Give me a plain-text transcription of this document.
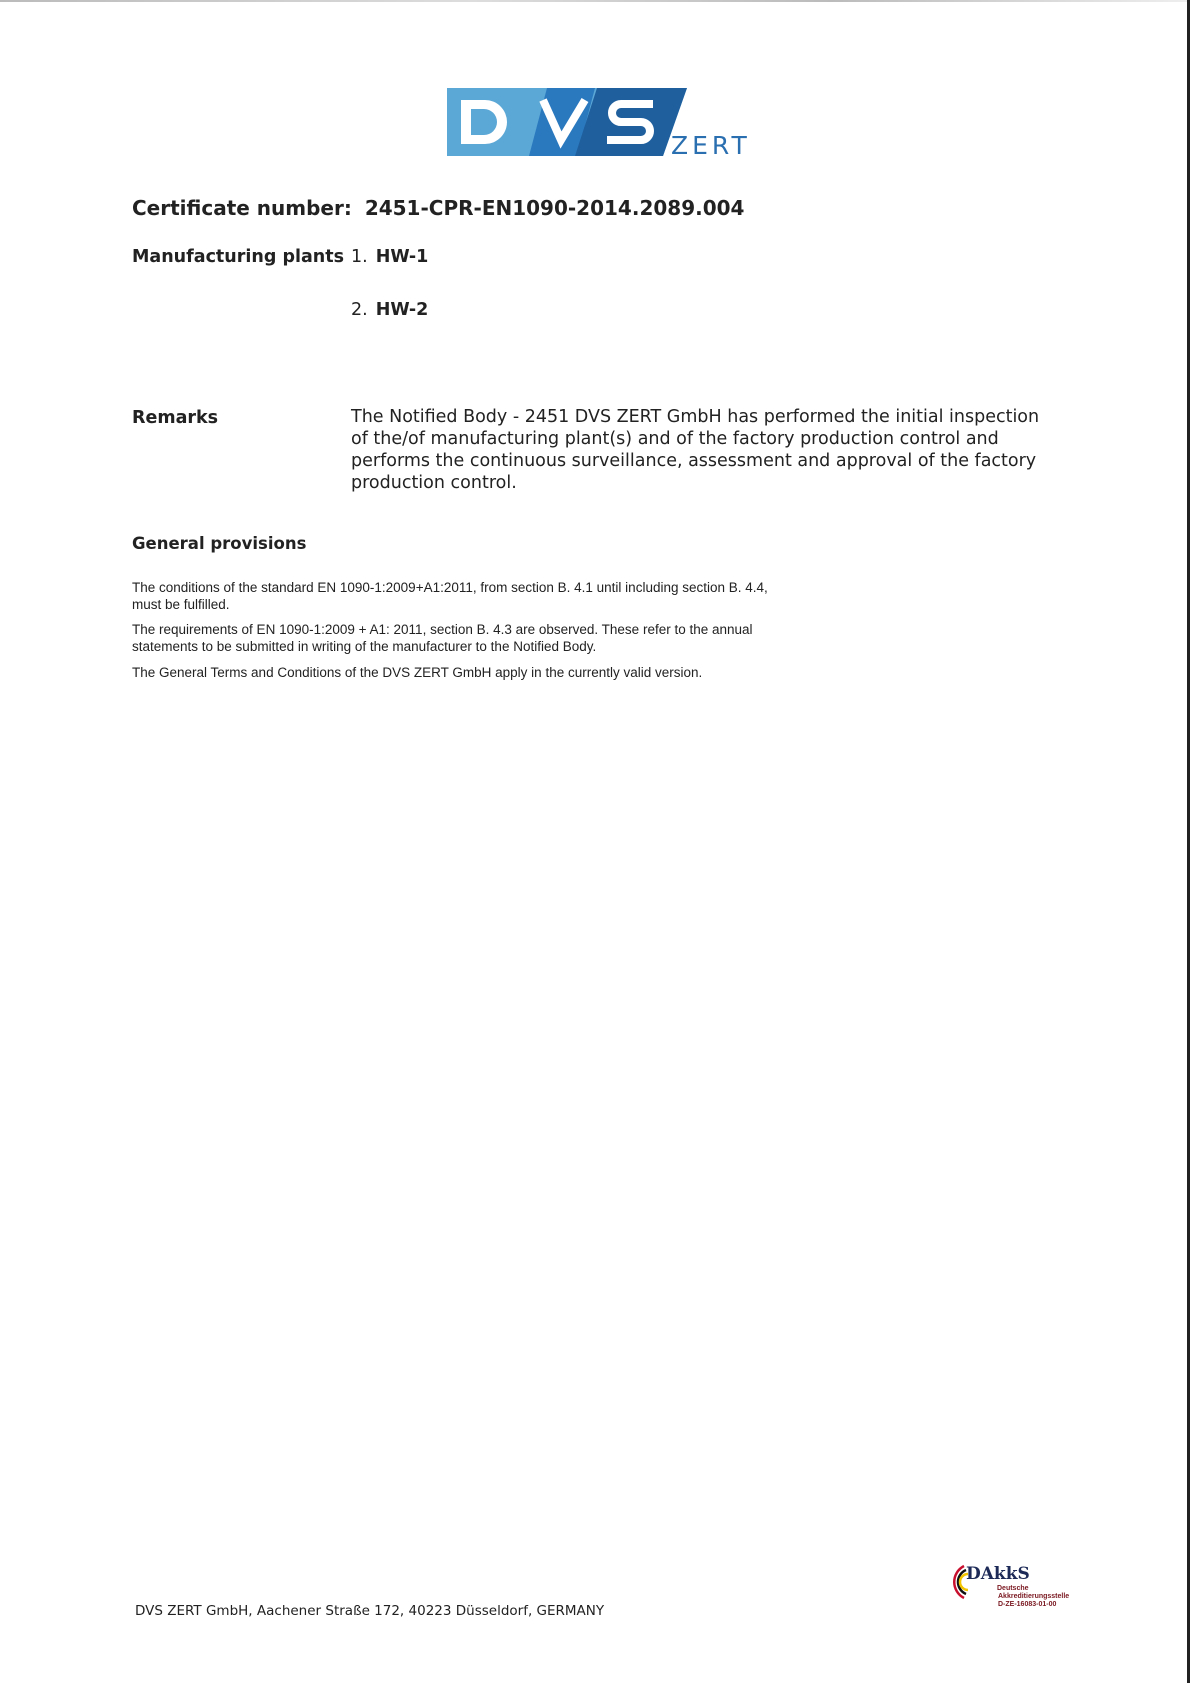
ZERT
Certificate number: 2451-CPR-EN1090-2014.2089.004
Manufacturing plants 1. HW-1
2. HW-2
Remarks	The Notified Body - 2451 DVS ZERT GmbH has performed the initial inspection
of the/of manufacturing plant(s) and of the factory production control and
performs the continuous surveillance, assessment and approval of the factory
production control.
General provisions
The conditions of the standard EN 1090-1:2009+A1:2011, from section B. 4.1 until including section B. 4.4,
must be fulfilled.
The requirements of EN 1090-1:2009 + A1: 2011, section B. 4.3 are observed. These refer to the annual
statements to be submitted in writing of the manufacturer to the Notified Body.
The General Terms and Conditions of the DVS ZERT GmbH apply in the currently valid version.
DVS ZERT GmbH, Aachener Straße 172, 40223 Düsseldorf, GERMANY
DAkkS
Deutsche
Akkreditierungsstelle
D-ZE-16083-01-00
